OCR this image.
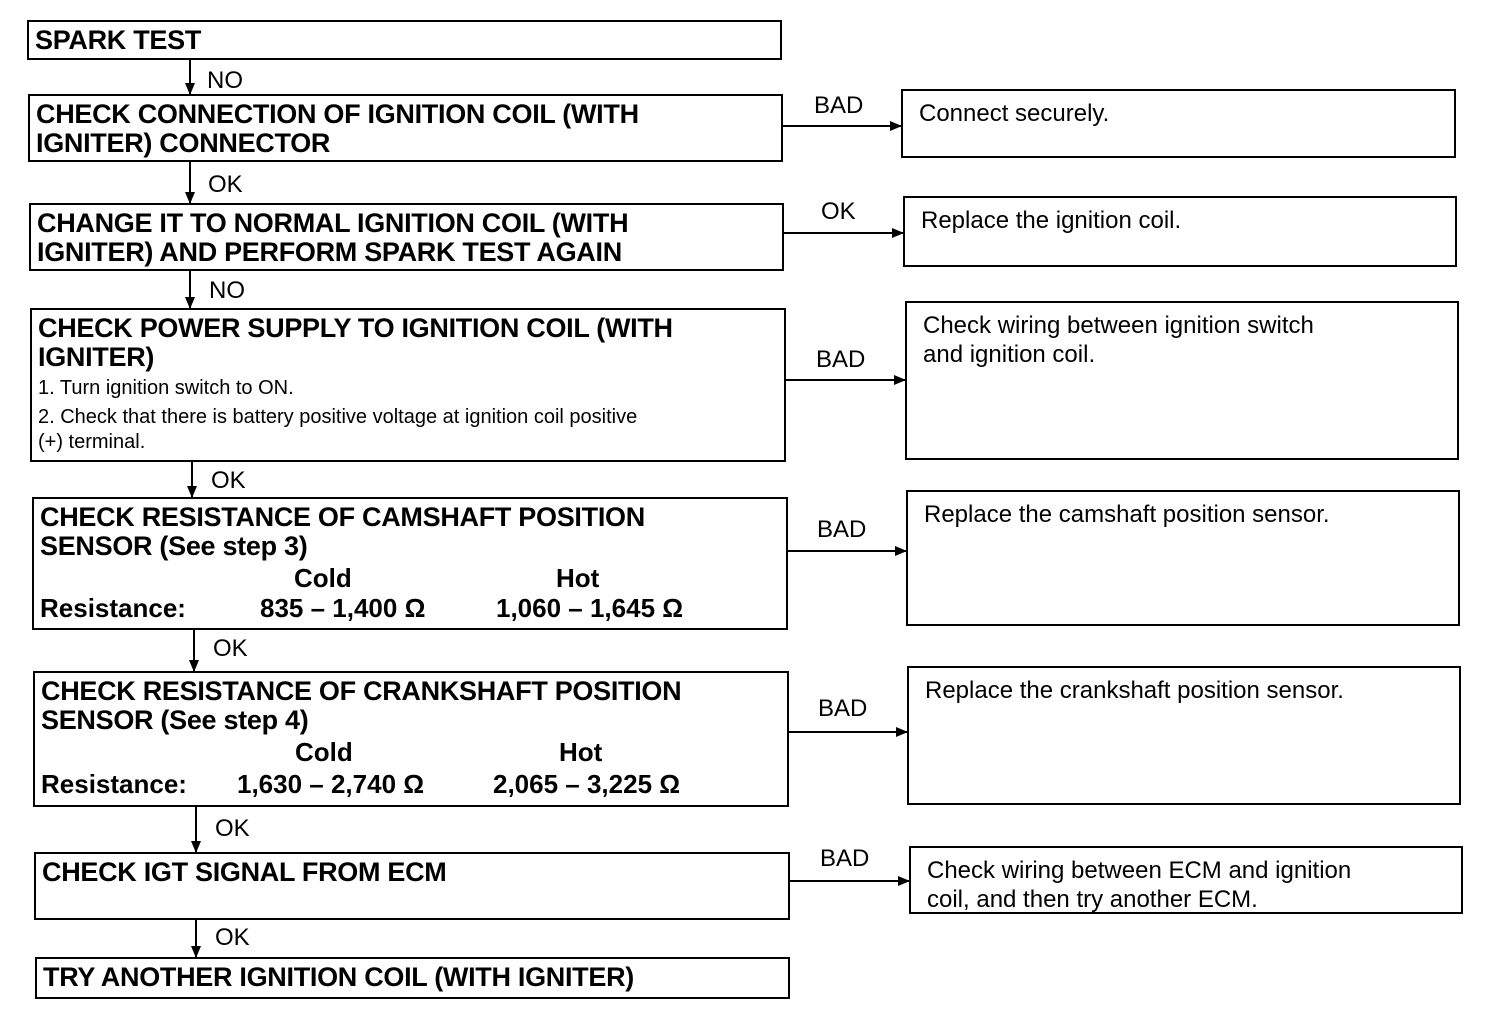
SPARK TEST
CHECK CONNECTION OF IGNITION COIL (WITH
IGNITER) CONNECTOR
CHANGE IT TO NORMAL IGNITION COIL (WITH
IGNITER) AND PERFORM SPARK TEST AGAIN
CHECK POWER SUPPLY TO IGNITION COIL (WITH
IGNITER)
1. Turn ignition switch to ON.
2. Check that there is battery positive voltage at ignition coil positive
(+) terminal.
CHECK RESISTANCE OF CAMSHAFT POSITION
SENSOR (See step 3)
Cold	Hot
Resistance:	835 – 1,400 Ω	1,060 – 1,645 Ω
CHECK RESISTANCE OF CRANKSHAFT POSITION
SENSOR (See step 4)
Cold	Hot
Resistance: 1,630 – 2,740 Ω	2,065 – 3,225 Ω
CHECK IGT SIGNAL FROM ECM
TRY ANOTHER IGNITION COIL (WITH IGNITER)
Connect securely.
Replace the ignition coil.
Check wiring between ignition switch
and ignition coil.
Replace the camshaft position sensor.
Replace the crankshaft position sensor.
Check wiring between ECM and ignition
coil, and then try another ECM.
NO
OK
NO
OK
OK
OK
OK
BAD
OK
BAD
BAD
BAD
BAD
